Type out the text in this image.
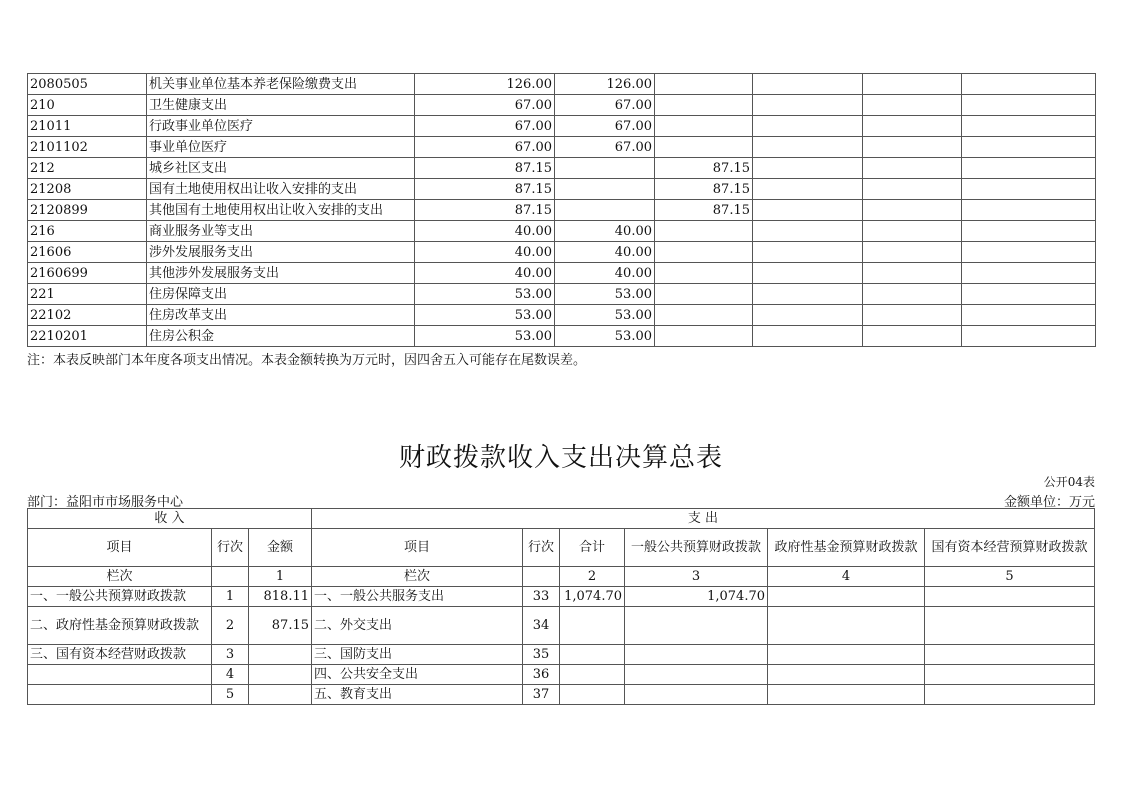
2080505	机关事业单位基本养老保险缴费支出	126.00	126.00				
210	卫生健康支出	67.00	67.00				
21011	行政事业单位医疗	67.00	67.00				
2101102	事业单位医疗	67.00	67.00				
212	城乡社区支出	87.15		87.15			
21208	国有土地使用权出让收入安排的支出	87.15		87.15			
2120899	其他国有土地使用权出让收入安排的支出	87.15		87.15			
216	商业服务业等支出	40.00	40.00				
21606	涉外发展服务支出	40.00	40.00				
2160699	其他涉外发展服务支出	40.00	40.00				
221	住房保障支出	53.00	53.00				
22102	住房改革支出	53.00	53.00				
2210201	住房公积金	53.00	53.00				
注：本表反映部门本年度各项支出情况。本表金额转换为万元时，因四舍五入可能存在尾数误差。
财政拨款收入支出决算总表
公开04表
部门：益阳市市场服务中心	金额单位：万元
收 入			支 出					
项目	行次	金额	项目	行次	合计	一般公共预算财政拨款	政府性基金预算财政拨款	国有资本经营预算财政拨款
栏次		1	栏次		2	3	4	5
一、一般公共预算财政拨款	1	818.11	一、一般公共服务支出	33	1,074.70	1,074.70		
二、政府性基金预算财政拨款	2	87.15	二、外交支出	34				
三、国有资本经营财政拨款	3		三、国防支出	35				
	4		四、公共安全支出	36				
	5		五、教育支出	37				
